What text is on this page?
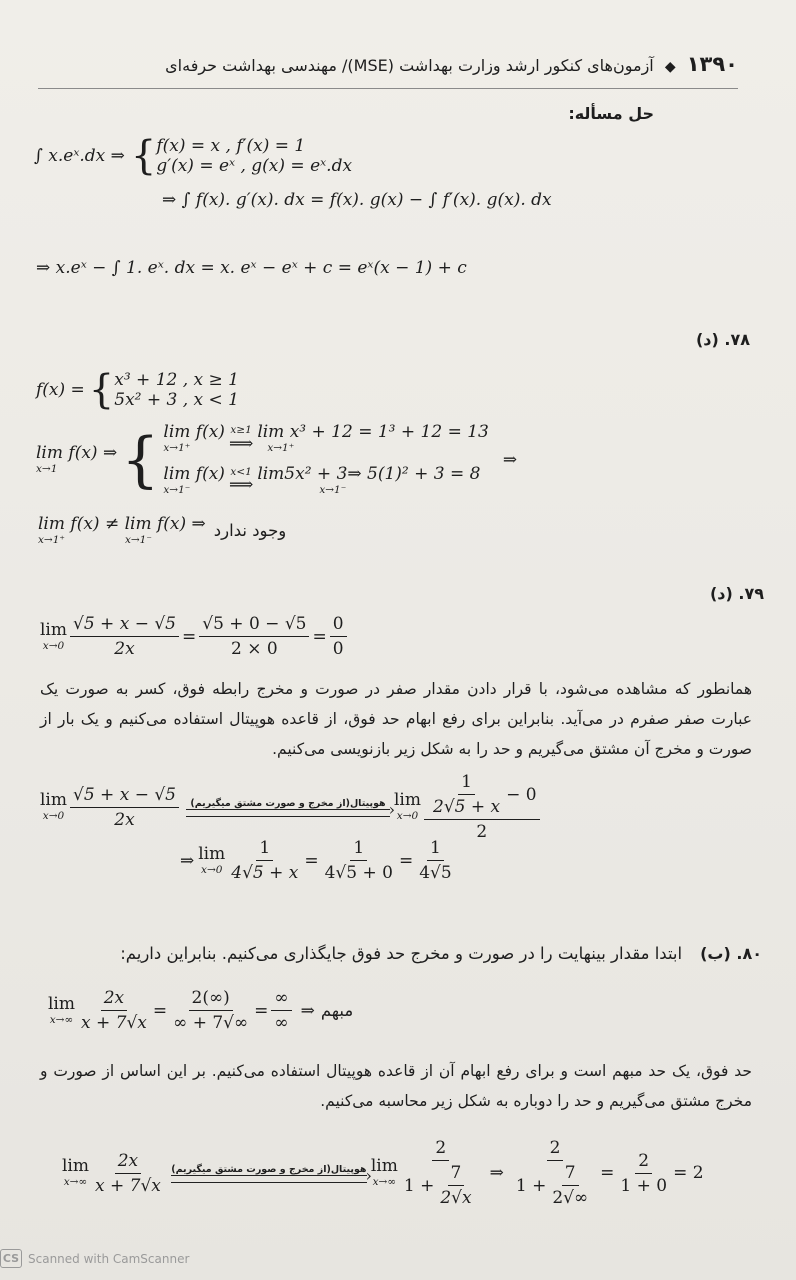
۱۳۹۰ ◆ آزمون‌های کنکور ارشد وزارت بهداشت (MSE)/ مهندسی بهداشت حرفه‌ای
حل مسأله:
∫ x.eˣ.dx ⇒ { f(x) = x , f′(x) = 1
g′(x) = eˣ , g(x) = eˣ.dx
⇒ ∫ f(x). g′(x). dx = f(x). g(x) − ∫ f′(x). g(x). dx
⇒ x.eˣ − ∫ 1. eˣ. dx = x. eˣ − eˣ + c = eˣ(x − 1) + c
۷۸. (د)
f(x) = { x³ + 12 , x ≥ 1
5x² + 3 , x < 1
lim f(x) ⇒
x→1 { lim f(x)
x→1⁺
x≥1
⟹
lim x³ + 12 = 1³ + 12 = 13
x→1⁺
lim f(x)
x→1⁻
x<1
⟹
lim5x² + 3⇒ 5(1)² + 3 = 8
x→1⁻
⇒
lim f(x) ≠ lim f(x) ⇒
x→1⁺	x→1⁻	وجود ندارد
۷۹. (د)
lim
$x\to 0 \frac{√5 + x - √5}{2x} = \frac{√5 + 0 - √5}{2 \times 0} = \frac{0}{0}$
همانطور که مشاهده می‌شود، با قرار دادن مقدار صفر در صورت و مخرج رابطه فوق، کسر به صورت یک عبارت صفر صفرم در می‌آید. بنابراین برای رفع ابهام حد فوق، از قاعده هوپیتال استفاده می‌کنیم و یک بار از صورت و مخرج آن مشتق می‌گیریم و حد را به شکل زیر بازنویسی می‌کنیم.
lim
$x\to 0 \frac{√5 + x - √5}{2x}$ (از مخرج و صورت مشتق میگیریم)هوپیتال
› lim
$x\to 0 \frac{\frac{1}{2√5 + x} - 0}{2}$
⇒ lim
$x\to 0 \frac{1}{4√5 + x} = \frac{1}{4√5 + 0} = \frac{1}{4√5}$
۸۰. (ب)
ابتدا مقدار بینهایت را در صورت و مخرج حد فوق جایگذاری می‌کنیم. بنابراین داریم:
lim
$x\to\infty \frac{2x}{x + 7√x} = \frac{2(\infty)}{\infty + 7√\infty} = \frac{\infty}{\infty}$ ⇒ مبهم
حد فوق، یک حد مبهم است و برای رفع ابهام آن از قاعده هوپیتال استفاده می‌کنیم. بر این اساس از صورت و مخرج مشتق می‌گیریم و حد را دوباره به شکل زیر محاسبه می‌کنیم.
lim
$x\to\infty \frac{2x}{x + 7√x}$ (از مخرج و صورت مشتق میگیریم)هوپیتال
› lim
$x\to\infty \frac{2}{1 + \frac{7}{2√x}}$ ⇒ $\frac{2}{1 + \frac{7}{2√\infty}} = \frac{2}{1 + 0} = 2$
CS Scanned with CamScanner
